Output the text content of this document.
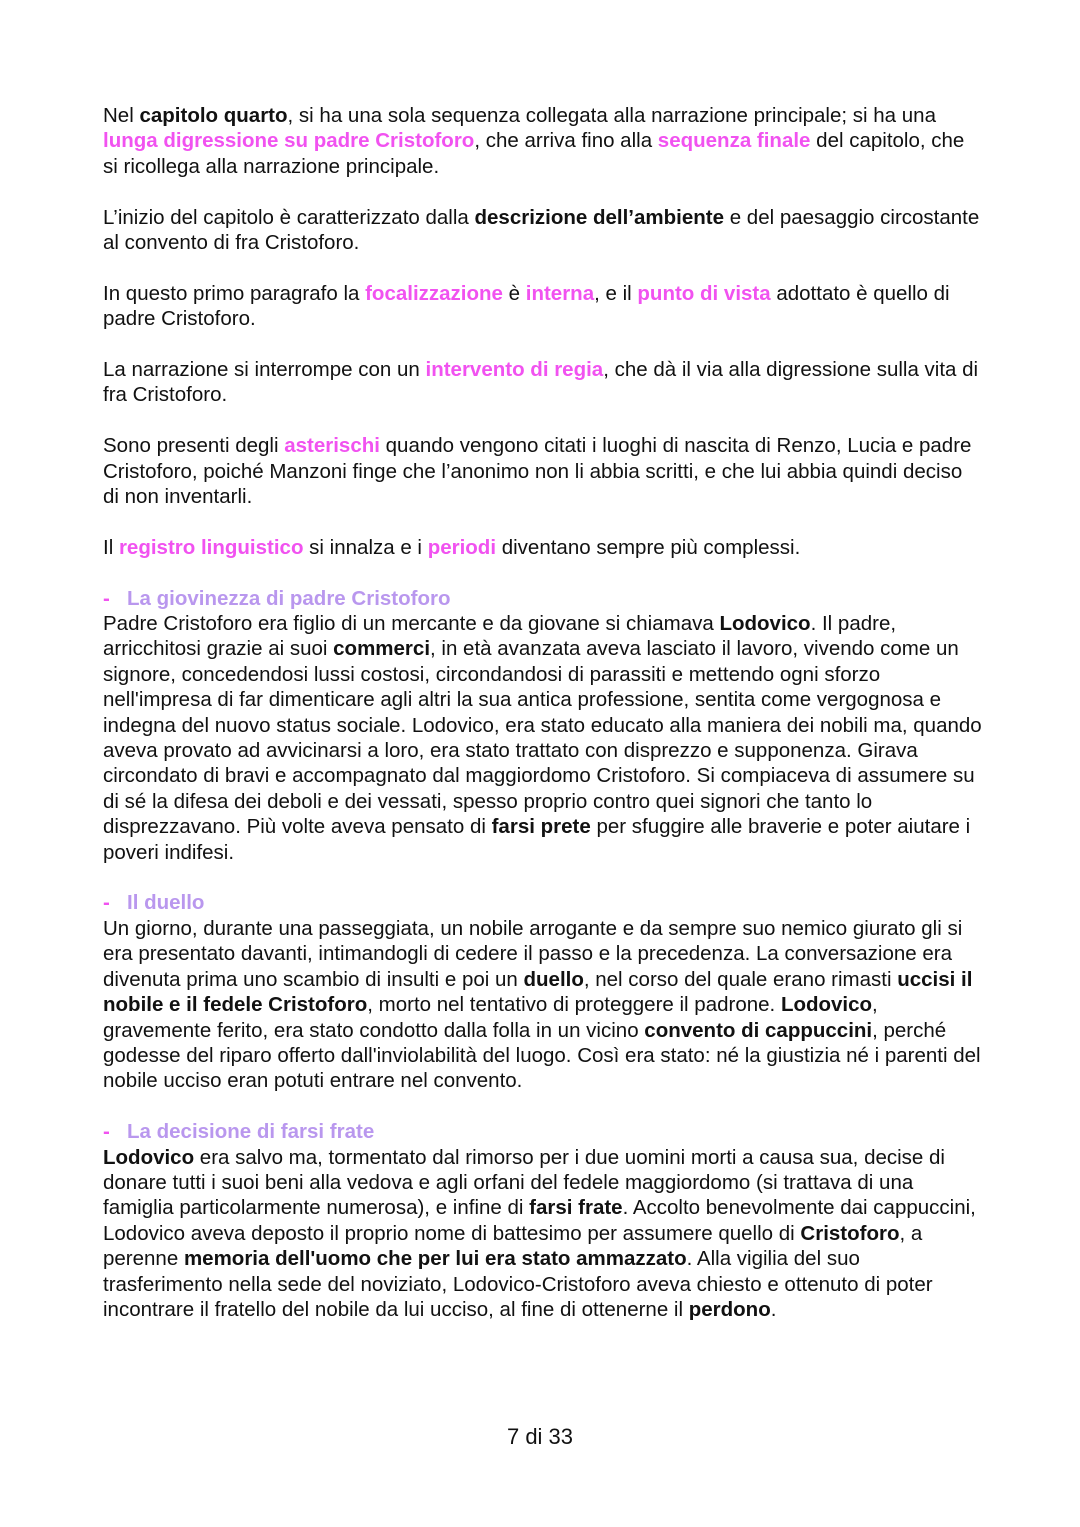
Nel capitolo quarto, si ha una sola sequenza collegata alla narrazione principale; si ha una lunga digressione su padre Cristoforo, che arriva fino alla sequenza finale del capitolo, che si ricollega alla narrazione principale.

L’inizio del capitolo è caratterizzato dalla descrizione dell’ambiente e del paesaggio circostante al convento di fra Cristoforo.

In questo primo paragrafo la focalizzazione è interna, e il punto di vista adottato è quello di padre Cristoforo.

La narrazione si interrompe con un intervento di regia, che dà il via alla digressione sulla vita di fra Cristoforo.

Sono presenti degli asterischi quando vengono citati i luoghi di nascita di Renzo, Lucia e padre Cristoforo, poiché Manzoni finge che l’anonimo non li abbia scritti, e che lui abbia quindi deciso di non inventarli.

Il registro linguistico si innalza e i periodi diventano sempre più complessi.

- La giovinezza di padre Cristoforo

Padre Cristoforo era figlio di un mercante e da giovane si chiamava Lodovico. Il padre, arricchitosi grazie ai suoi commerci, in età avanzata aveva lasciato il lavoro, vivendo come un signore, concedendosi lussi costosi, circondandosi di parassiti e mettendo ogni sforzo nell'impresa di far dimenticare agli altri la sua antica professione, sentita come vergognosa e indegna del nuovo status sociale. Lodovico, era stato educato alla maniera dei nobili ma, quando aveva provato ad avvicinarsi a loro, era stato trattato con disprezzo e supponenza. Girava circondato di bravi e accompagnato dal maggiordomo Cristoforo. Si compiaceva di assumere su di sé la difesa dei deboli e dei vessati, spesso proprio contro quei signori che tanto lo disprezzavano. Più volte aveva pensato di farsi prete per sfuggire alle braverie e poter aiutare i poveri indifesi.

- Il duello

Un giorno, durante una passeggiata, un nobile arrogante e da sempre suo nemico giurato gli si era presentato davanti, intimandogli di cedere il passo e la precedenza. La conversazione era divenuta prima uno scambio di insulti e poi un duello, nel corso del quale erano rimasti uccisi il nobile e il fedele Cristoforo, morto nel tentativo di proteggere il padrone. Lodovico, gravemente ferito, era stato condotto dalla folla in un vicino convento di cappuccini, perché godesse del riparo offerto dall'inviolabilità del luogo. Così era stato: né la giustizia né i parenti del nobile ucciso eran potuti entrare nel convento.

- La decisione di farsi frate

Lodovico era salvo ma, tormentato dal rimorso per i due uomini morti a causa sua, decise di donare tutti i suoi beni alla vedova e agli orfani del fedele maggiordomo (si trattava di una famiglia particolarmente numerosa), e infine di farsi frate. Accolto benevolmente dai cappuccini, Lodovico aveva deposto il proprio nome di battesimo per assumere quello di Cristoforo, a perenne memoria dell'uomo che per lui era stato ammazzato. Alla vigilia del suo trasferimento nella sede del noviziato, Lodovico-Cristoforo aveva chiesto e ottenuto di poter incontrare il fratello del nobile da lui ucciso, al fine di ottenerne il perdono.

7 di 33
